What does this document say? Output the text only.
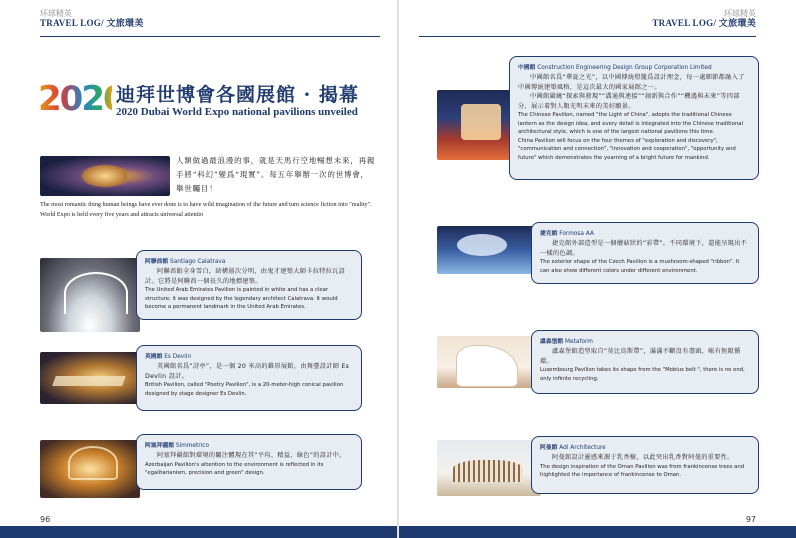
环球精英
TRAVEL LOG/ 文旅環美
2020
迪拜世博會各國展館 · 揭幕
2020 Dubai World Expo national pavilions unveiled
人類做過最浪漫的事，就是天馬行空地暢想未來，再親手將“科幻”變爲“現實”。每五年舉辦一次的世博會，舉世矚目！
The most romantic thing human beings have ever done is to have wild imagination of the future and turn science fiction into "reality". World Expo is held every five years and attracts universal attentio
阿聯酋館 Santiago Calatrava
阿聯酋館全身雪白，結構層次分明，由鬼才建築大師卡拉特拉瓦設計。它將是阿聯酋一個長久的地標建築。
The United Arab Emirates Pavilion is painted in white and has a clear structure; it was designed by the legendary architect Calatrava. It would become a permanent landmark in the United Arab Emirates.
英國館 Es Devlin
英國館名爲“詩亭”，是一個 20 米高的錐形展館，由舞臺設計師 Es Devlin 設計。
British Pavilion, called "Poetry Pavilion", is a 20-meter-high conical pavilion designed by stage designer Es Devlin.
阿塞拜疆館 Simmetrico
阿塞拜疆館對環境的關注體現在其“平均、精益、綠色”的設計中。
Azerbaijan Pavilion's attention to the environment is reflected in its "egalitarianism, precision and green" design.
96
环球精英
TRAVEL LOG/ 文旅環美
中國館 Construction Engineering Design Group Corporation Limited
中國館名爲“華夏之光”，以中國傳統燈籠爲設計理念，每一處細節都融入了中國傳統建築風格，是這次最大的國家展館之一。
中國館圍繞“探索與發現”“溝通與連接”“創新與合作”“機遇與未來”等四部分，展示着對人類光明未來的美好願景。
The Chinese Pavilion, named "the Light of China", adopts the traditional Chinese lantern as the design idea, and every detail is integrated into the Chinese traditional architectural style, which is one of the largest national pavilions this time.
China Pavilion will focus on the four themes of "exploration and discovery", "communication and connection", "innovation and cooperation", "opportunity and future" which demonstrates the yearning of a bright future for mankind.
捷克館 Formosa AA
捷克館外部造型是一個蘑菇狀的“彩帶”。不同環境下，還能呈現出不一樣的色調。
The exterior shape of the Czech Pavilion is a mushroom-shaped "ribbon". It can also show different colors under different environment.
盧森堡館 Metaform
盧森堡館造型取自“莫比烏斯帶”，滿滿不斷沒有盡頭，帳有無限循環。
Luxembourg Pavilion takes its shape from the "Mobius belt ", there is no end, only infinite recycling.
阿曼館 Adi Architecture
阿曼館設計靈感來源于乳香樹，以此突出乳香對阿曼的重要性。
The design inspiration of the Oman Pavilion was from frankincense trees and highlighted the importance of frankincense to Oman.
97
